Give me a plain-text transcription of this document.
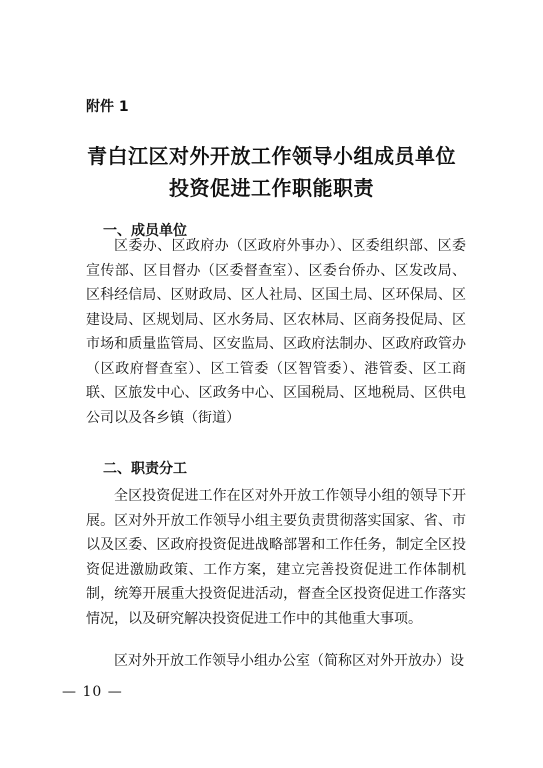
附件 1
青白江区对外开放工作领导小组成员单位
投资促进工作职能职责
一、成员单位

区委办、区政府办（区政府外事办）、区委组织部、区委宣传部、区目督办（区委督查室）、区委台侨办、区发改局、区科经信局、区财政局、区人社局、区国土局、区环保局、区建设局、区规划局、区水务局、区农林局、区商务投促局、区市场和质量监管局、区安监局、区政府法制办、区政府政管办（区政府督查室）、区工管委（区智管委）、港管委、区工商联、区旅发中心、区政务中心、区国税局、区地税局、区供电公司以及各乡镇（街道）

二、职责分工

全区投资促进工作在区对外开放工作领导小组的领导下开展。区对外开放工作领导小组主要负责贯彻落实国家、省、市以及区委、区政府投资促进战略部署和工作任务，制定全区投资促进激励政策、工作方案，建立完善投资促进工作体制机制，统筹开展重大投资促进活动，督查全区投资促进工作落实情况，以及研究解决投资促进工作中的其他重大事项。

区对外开放工作领导小组办公室（简称区对外开放办）设

— 10 —
